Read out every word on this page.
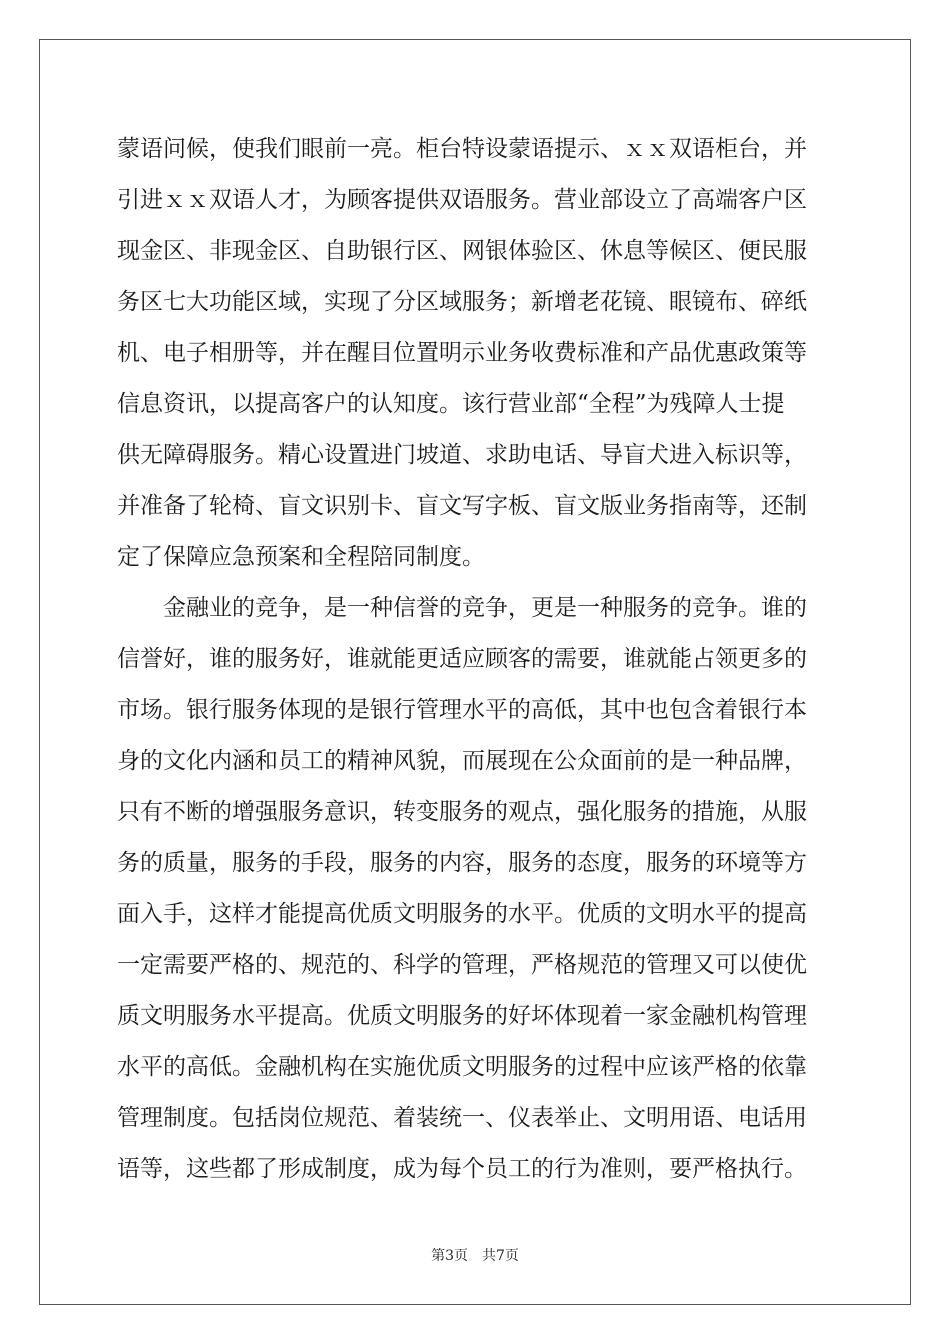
蒙语问候，使我们眼前一亮。柜台特设蒙语提示、ｘｘ双语柜台，并
引进ｘｘ双语人才，为顾客提供双语服务。营业部设立了高端客户区
现金区、非现金区、自助银行区、网银体验区、休息等候区、便民服
务区七大功能区域，实现了分区域服务；新增老花镜、眼镜布、碎纸
机、电子相册等，并在醒目位置明示业务收费标准和产品优惠政策等
信息资讯，以提高客户的认知度。该行营业部“全程”为残障人士提
供无障碍服务。精心设置进门坡道、求助电话、导盲犬进入标识等，
并准备了轮椅、盲文识别卡、盲文写字板、盲文版业务指南等，还制
定了保障应急预案和全程陪同制度。
金融业的竞争，是一种信誉的竞争，更是一种服务的竞争。谁的
信誉好，谁的服务好，谁就能更适应顾客的需要，谁就能占领更多的
市场。银行服务体现的是银行管理水平的高低，其中也包含着银行本
身的文化内涵和员工的精神风貌，而展现在公众面前的是一种品牌，
只有不断的增强服务意识，转变服务的观点，强化服务的措施，从服
务的质量，服务的手段，服务的内容，服务的态度，服务的环境等方
面入手，这样才能提高优质文明服务的水平。优质的文明水平的提高
一定需要严格的、规范的、科学的管理，严格规范的管理又可以使优
质文明服务水平提高。优质文明服务的好坏体现着一家金融机构管理
水平的高低。金融机构在实施优质文明服务的过程中应该严格的依靠
管理制度。包括岗位规范、着装统一、仪表举止、文明用语、电话用
语等，这些都了形成制度，成为每个员工的行为准则，要严格执行。
第3页 共7页
